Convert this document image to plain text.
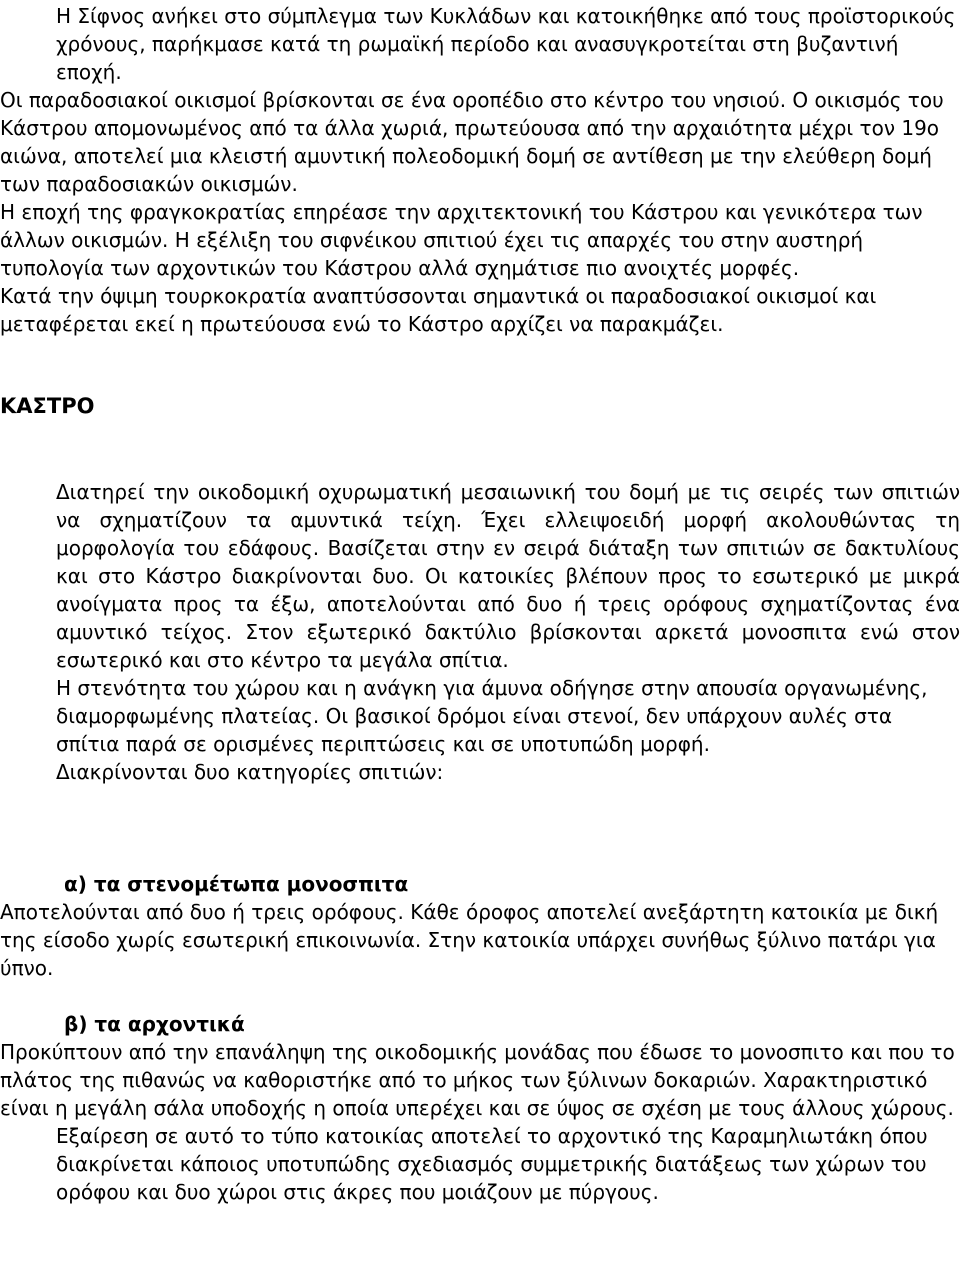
Η Σίφνος ανήκει στο σύμπλεγμα των Κυκλάδων και κατοικήθηκε από τους προϊστορικούς χρόνους, παρήκμασε κατά τη ρωμαϊκή περίοδο και ανασυγκροτείται στη βυζαντινή εποχή.

Οι παραδοσιακοί οικισμοί βρίσκονται σε ένα οροπέδιο στο κέντρο του νησιού. Ο οικισμός του Κάστρου απομονωμένος από τα άλλα χωριά, πρωτεύουσα από την αρχαιότητα μέχρι τον 19ο αιώνα, αποτελεί μια κλειστή αμυντική πολεοδομική δομή σε αντίθεση με την ελεύθερη δομή των παραδοσιακών οικισμών.

Η εποχή της φραγκοκρατίας επηρέασε την αρχιτεκτονική του Κάστρου και γενικότερα των άλλων οικισμών. Η εξέλιξη του σιφνέικου σπιτιού έχει τις απαρχές του στην αυστηρή τυπολογία των αρχοντικών του Κάστρου αλλά σχημάτισε πιο ανοιχτές μορφές.

Κατά την όψιμη τουρκοκρατία αναπτύσσονται σημαντικά οι παραδοσιακοί οικισμοί και μεταφέρεται εκεί η πρωτεύουσα ενώ το Κάστρο αρχίζει να παρακμάζει.

ΚΑΣΤΡΟ

Διατηρεί την οικοδομική οχυρωματική μεσαιωνική του δομή με τις σειρές των σπιτιών να σχηματίζουν τα αμυντικά τείχη. Έχει ελλειψοειδή μορφή ακολουθώντας τη μορφολογία του εδάφους. Βασίζεται στην εν σειρά διάταξη των σπιτιών σε δακτυλίους και στο Κάστρο διακρίνονται δυο. Οι κατοικίες βλέπουν προς το εσωτερικό με μικρά ανοίγματα προς τα έξω, αποτελούνται από δυο ή τρεις ορόφους σχηματίζοντας ένα αμυντικό τείχος. Στον εξωτερικό δακτύλιο βρίσκονται αρκετά μονοσπιτα ενώ στον εσωτερικό και στο κέντρο τα μεγάλα σπίτια.

Η στενότητα του χώρου και η ανάγκη για άμυνα οδήγησε στην απουσία οργανωμένης, διαμορφωμένης πλατείας. Οι βασικοί δρόμοι είναι στενοί, δεν υπάρχουν αυλές στα σπίτια παρά σε ορισμένες περιπτώσεις και σε υποτυπώδη μορφή.

Διακρίνονται δυο κατηγορίες σπιτιών:

α) τα στενομέτωπα μονοσπιτα

Αποτελούνται από δυο ή τρεις ορόφους. Κάθε όροφος αποτελεί ανεξάρτητη κατοικία με δική της είσοδο χωρίς εσωτερική επικοινωνία. Στην κατοικία υπάρχει συνήθως ξύλινο πατάρι για ύπνο.

β) τα αρχοντικά

Προκύπτουν από την επανάληψη της οικοδομικής μονάδας που έδωσε το μονοσπιτο και που το πλάτος της πιθανώς να καθοριστήκε από το μήκος των ξύλινων δοκαριών. Χαρακτηριστικό είναι η μεγάλη σάλα υποδοχής η οποία υπερέχει και σε ύψος σε σχέση με τους άλλους χώρους.

Εξαίρεση σε αυτό το τύπο κατοικίας αποτελεί το αρχοντικό της Καραμηλιωτάκη όπου διακρίνεται κάποιος υποτυπώδης σχεδιασμός συμμετρικής διατάξεως των χώρων του ορόφου και δυο χώροι στις άκρες που μοιάζουν με πύργους.
